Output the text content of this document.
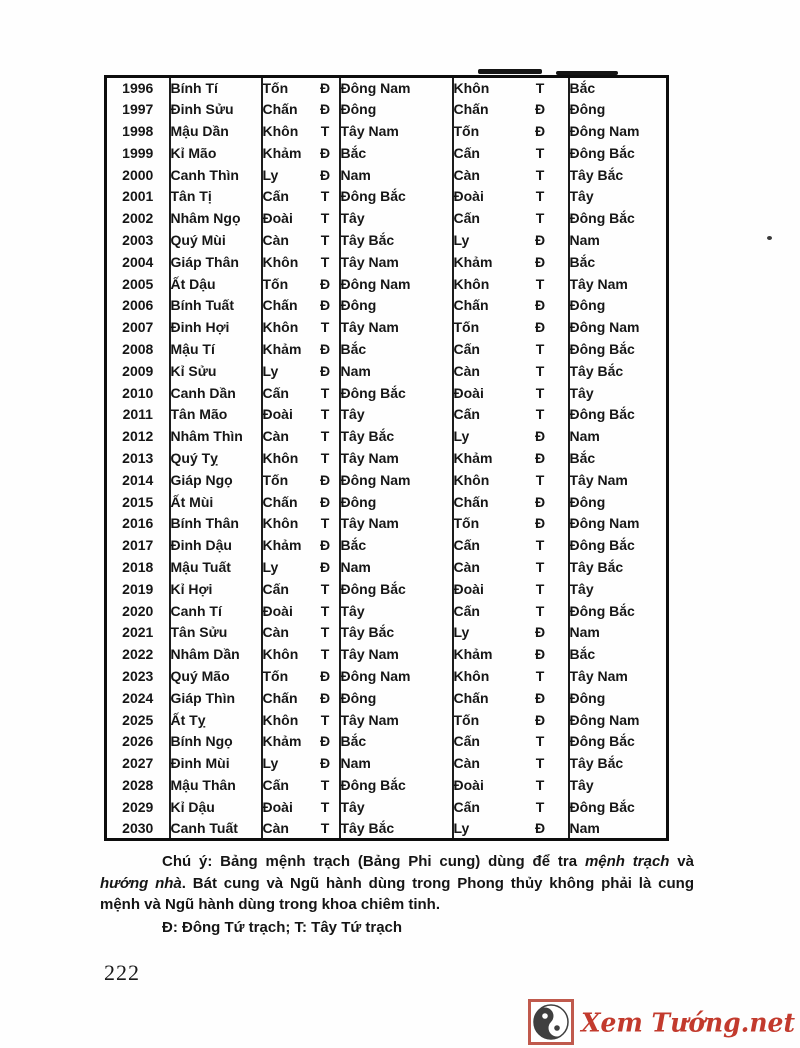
1996	Bính Tí	Tốn	Đ	Đông Nam	Khôn	T	Bắc
1997	Đinh Sửu	Chấn	Đ	Đông	Chấn	Đ	Đông
1998	Mậu Dần	Khôn	T	Tây Nam	Tốn	Đ	Đông Nam
1999	Kỉ Mão	Khảm	Đ	Bắc	Cấn	T	Đông Bắc
2000	Canh Thìn	Ly	Đ	Nam	Càn	T	Tây Bắc
2001	Tân Tị	Cấn	T	Đông Bắc	Đoài	T	Tây
2002	Nhâm Ngọ	Đoài	T	Tây	Cấn	T	Đông Bắc
2003	Quý Mùi	Càn	T	Tây Bắc	Ly	Đ	Nam
2004	Giáp Thân	Khôn	T	Tây Nam	Khảm	Đ	Bắc
2005	Ất Dậu	Tốn	Đ	Đông Nam	Khôn	T	Tây Nam
2006	Bính Tuất	Chấn	Đ	Đông	Chấn	Đ	Đông
2007	Đinh Hợi	Khôn	T	Tây Nam	Tốn	Đ	Đông Nam
2008	Mậu Tí	Khảm	Đ	Bắc	Cấn	T	Đông Bắc
2009	Kỉ Sửu	Ly	Đ	Nam	Càn	T	Tây Bắc
2010	Canh Dần	Cấn	T	Đông Bắc	Đoài	T	Tây
2011	Tân Mão	Đoài	T	Tây	Cấn	T	Đông Bắc
2012	Nhâm Thìn	Càn	T	Tây Bắc	Ly	Đ	Nam
2013	Quý Tỵ	Khôn	T	Tây Nam	Khảm	Đ	Bắc
2014	Giáp Ngọ	Tốn	Đ	Đông Nam	Khôn	T	Tây Nam
2015	Ất Mùi	Chấn	Đ	Đông	Chấn	Đ	Đông
2016	Bính Thân	Khôn	T	Tây Nam	Tốn	Đ	Đông Nam
2017	Đinh Dậu	Khảm	Đ	Bắc	Cấn	T	Đông Bắc
2018	Mậu Tuất	Ly	Đ	Nam	Càn	T	Tây Bắc
2019	Kỉ Hợi	Cấn	T	Đông Bắc	Đoài	T	Tây
2020	Canh Tí	Đoài	T	Tây	Cấn	T	Đông Bắc
2021	Tân Sửu	Càn	T	Tây Bắc	Ly	Đ	Nam
2022	Nhâm Dần	Khôn	T	Tây Nam	Khảm	Đ	Bắc
2023	Quý Mão	Tốn	Đ	Đông Nam	Khôn	T	Tây Nam
2024	Giáp Thìn	Chấn	Đ	Đông	Chấn	Đ	Đông
2025	Ất Tỵ	Khôn	T	Tây Nam	Tốn	Đ	Đông Nam
2026	Bính Ngọ	Khảm	Đ	Bắc	Cấn	T	Đông Bắc
2027	Đinh Mùi	Ly	Đ	Nam	Càn	T	Tây Bắc
2028	Mậu Thân	Cấn	T	Đông Bắc	Đoài	T	Tây
2029	Kỉ Dậu	Đoài	T	Tây	Cấn	T	Đông Bắc
2030	Canh Tuất	Càn	T	Tây Bắc	Ly	Đ	Nam

Chú ý: Bảng mệnh trạch (Bảng Phi cung) dùng để tra mệnh trạch và hướng nhà. Bát cung và Ngũ hành dùng trong Phong thủy không phải là cung mệnh và Ngũ hành dùng trong khoa chiêm tinh.

Đ: Đông Tứ trạch; T: Tây Tứ trạch

222
Xem Tướng.net
